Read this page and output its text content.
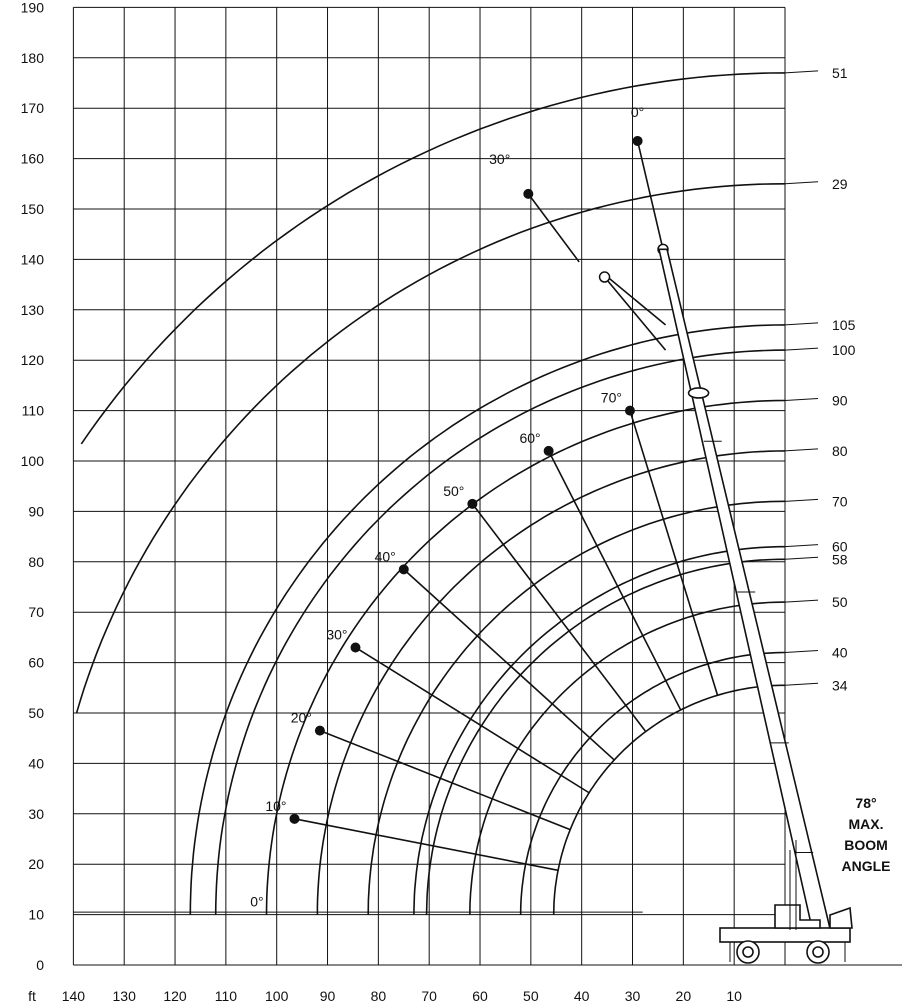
190
180
170
160
150
140
130
120
110
100
90
80
70
60
50
40
30
20
10
0
ft 140 130 120 110 100 90	80	70	60	50	40	30	20	10
51
29
105
100
90
80
70
60
58
50
40
34
0°
10°
20°
30°
40°
50°
60°
70°
0°
30°
78°
MAX.
BOOM
ANGLE
